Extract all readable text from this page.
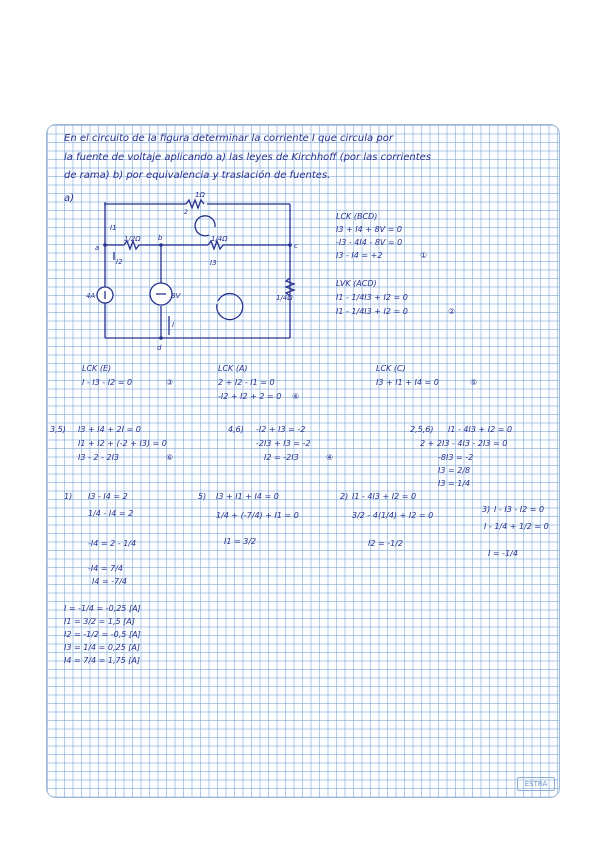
En el circuito de la figura determinar la corriente I que circula por
la fuente de voltaje aplicando a) las leyes de Kirchhoff (por las corrientes
de rama) b) por equivalencia y traslación de fuentes.
a)	1Ω
1/2Ω	1/4Ω
1/4Ω
4A	8V
a
b
c
d
I1
I2	I3
I
2	LCK (BCD)
I3 + I4 + 8V = 0
-I3 - 4I4 - 8V = 0
I3 - I4 = +2	①
LVK (ACD)
I1 - 1/4I3 + I2 = 0
I1 - 1/4I3 + I2 = 0	②
LCK (E)
I - I3 - I2 = 0	③
LCK (A)
2 + I2 - I1 = 0
-I2 + I2 + 2 = 0 ④
LCK (C)
I3 + I1 + I4 = 0	⑤
3,5) I3 + I4 + 2I = 0
I1 + I2 + (-2 + I3) = 0
I3 - 2 - 2I3	⑥
4,6) -I2 + I3 = -2
-2I3 + I3 = -2
I2 = -2I3	④
2,5,6) I1 - 4I3 + I2 = 0
2 + 2I3 - 4I3 - 2I3 = 0
-8I3 = -2
I3 = 2/8
I3 = 1/4
1) I3 - I4 = 2
1/4 - I4 = 2
-I4 = 2 - 1/4
-I4 = 7/4
I4 = -7/4
5) I3 + I1 + I4 = 0
1/4 + (-7/4) + I1 = 0
I1 = 3/2
2) I1 - 4I3 + I2 = 0
3/2 - 4(1/4) + I2 = 0
I2 = -1/2
3) I - I3 - I2 = 0
I - 1/4 + 1/2 = 0
I = -1/4
I = -1/4 = -0,25 [A]
I1 = 3/2 = 1,5 [A]
I2 = -1/2 = -0,5 [A]
I3 = 1/4 = 0,25 [A]
I4 = 7/4 = 1,75 [A]
ESTRA
